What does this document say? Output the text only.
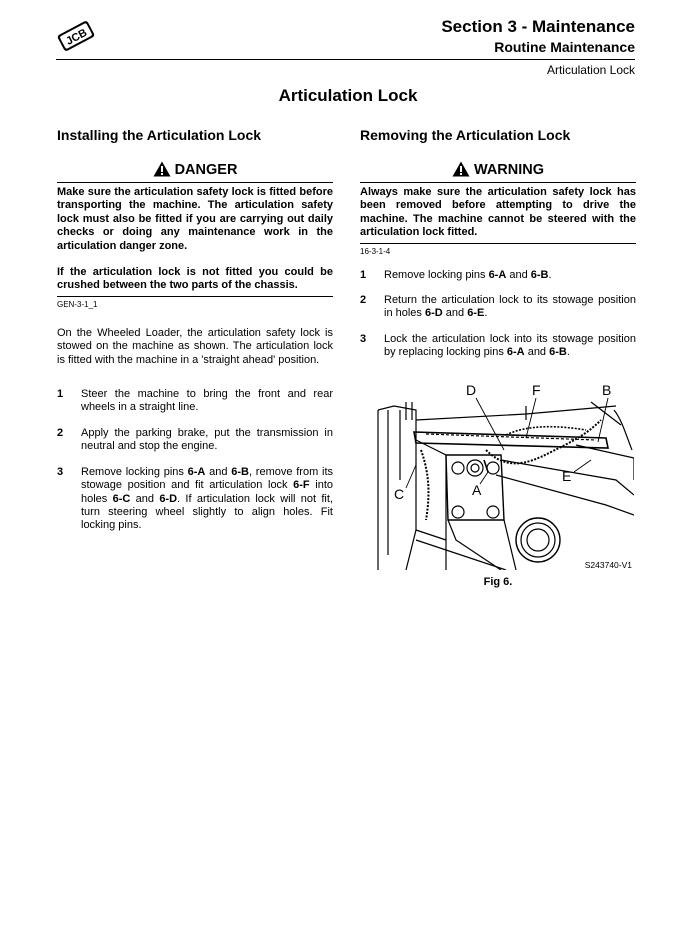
JCB
Section 3 - Maintenance
Routine Maintenance
Articulation Lock
Articulation Lock
Installing the Articulation Lock
DANGER

Make sure the articulation safety lock is fitted before transporting the machine. The articulation safety lock must also be fitted if you are carrying out daily checks or doing any maintenance work in the articulation danger zone.

If the articulation lock is not fitted you could be crushed between the two parts of the chassis.

GEN-3-1_1

On the Wheeled Loader, the articulation safety lock is stowed on the machine as shown. The articulation lock is fitted with the machine in a 'straight ahead' position.

1	Steer the machine to bring the front and rear wheels in a straight line.
2	Apply the parking brake, put the transmission in neutral and stop the engine.
3	Remove locking pins 6-A and 6-B, remove from its stowage position and fit articulation lock 6-F into holes 6-C and 6-D. If articulation lock will not fit, turn steering wheel slightly to align holes. Fit locking pins.
Removing the Articulation Lock
WARNING

Always make sure the articulation safety lock has been removed before attempting to drive the machine. The machine cannot be steered with the articulation lock fitted.

16-3-1-4
1	Remove locking pins 6-A and 6-B.
2	Return the articulation lock to its stowage position in holes 6-D and 6-E.
3	Lock the articulation lock into its stowage position by replacing locking pins 6-A and 6-B.
D	F	B
E
C	A
S243740-V1
Fig 6.
